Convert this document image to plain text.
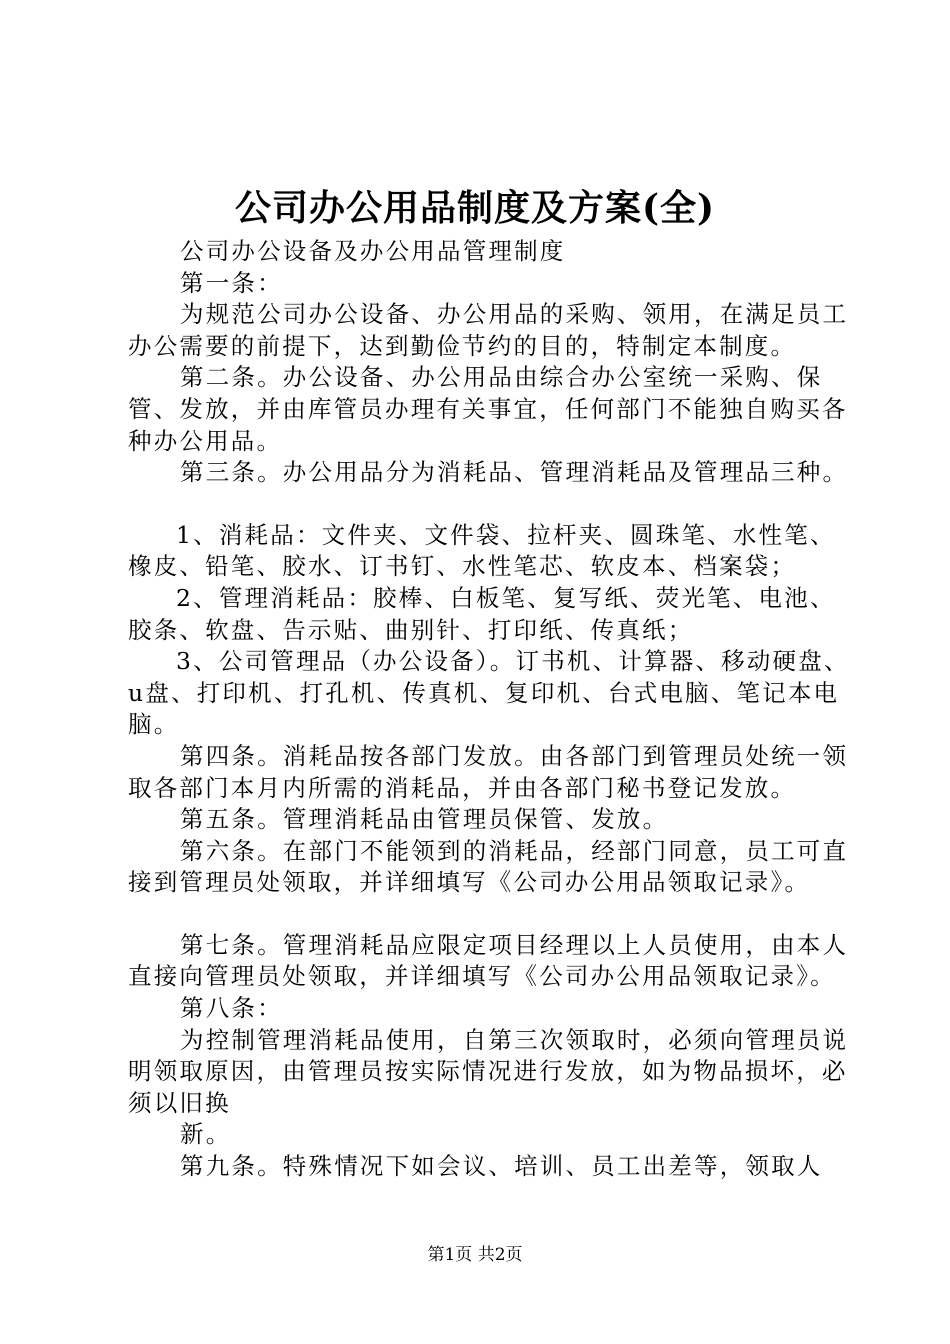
公司办公用品制度及方案(全)

公司办公设备及办公用品管理制度

第一条：

为规范公司办公设备、办公用品的采购、领用，在满足员工办公需要的前提下，达到勤俭节约的目的，特制定本制度。

第二条。办公设备、办公用品由综合办公室统一采购、保管、发放，并由库管员办理有关事宜，任何部门不能独自购买各种办公用品。

第三条。办公用品分为消耗品、管理消耗品及管理品三种。

1、消耗品：文件夹、文件袋、拉杆夹、圆珠笔、水性笔、橡皮、铅笔、胶水、订书钉、水性笔芯、软皮本、档案袋；

2、管理消耗品：胶棒、白板笔、复写纸、荧光笔、电池、胶条、软盘、告示贴、曲别针、打印纸、传真纸；

3、公司管理品（办公设备）。订书机、计算器、移动硬盘、u盘、打印机、打孔机、传真机、复印机、台式电脑、笔记本电脑。

第四条。消耗品按各部门发放。由各部门到管理员处统一领取各部门本月内所需的消耗品，并由各部门秘书登记发放。

第五条。管理消耗品由管理员保管、发放。

第六条。在部门不能领到的消耗品，经部门同意，员工可直接到管理员处领取，并详细填写《公司办公用品领取记录》。

第七条。管理消耗品应限定项目经理以上人员使用，由本人直接向管理员处领取，并详细填写《公司办公用品领取记录》。

第八条：

为控制管理消耗品使用，自第三次领取时，必须向管理员说明领取原因，由管理员按实际情况进行发放，如为物品损坏，必须以旧换

新。

第九条。特殊情况下如会议、培训、员工出差等，领取人

第1页 共2页
